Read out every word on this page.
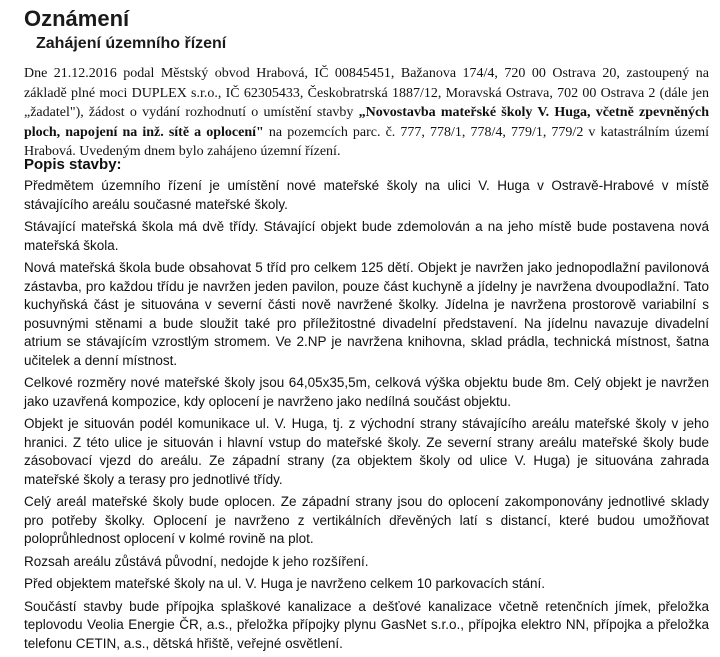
Oznámení
Zahájení územního řízení

Dne 21.12.2016 podal Městský obvod Hrabová, IČ 00845451, Bažanova 174/4, 720 00 Ostrava 20, zastoupený na základě plné moci DUPLEX s.r.o., IČ 62305433, Českobratrská 1887/12, Moravská Ostrava, 702 00 Ostrava 2 (dále jen „žadatel"), žádost o vydání rozhodnutí o umístění stavby „Novostavba mateřské školy V. Huga, včetně zpevněných ploch, napojení na inž. sítě a oplocení" na pozemcích parc. č. 777, 778/1, 778/4, 779/1, 779/2 v katastrálním území Hrabová. Uvedeným dnem bylo zahájeno územní řízení.

Popis stavby:

Předmětem územního řízení je umístění nové mateřské školy na ulici V. Huga v Ostravě-Hrabové v místě stávajícího areálu současné mateřské školy.

Stávající mateřská škola má dvě třídy. Stávající objekt bude zdemolován a na jeho místě bude postavena nová mateřská škola.

Nová mateřská škola bude obsahovat 5 tříd pro celkem 125 dětí. Objekt je navržen jako jednopodlažní pavilonová zástavba, pro každou třídu je navržen jeden pavilon, pouze část kuchyně a jídelny je navržena dvoupodlažní. Tato kuchyňská část je situována v severní části nově navržené školky. Jídelna je navržena prostorově variabilní s posuvnými stěnami a bude sloužit také pro příležitostné divadelní představení. Na jídelnu navazuje divadelní atrium se stávajícím vzrostlým stromem. Ve 2.NP je navržena knihovna, sklad prádla, technická místnost, šatna učitelek a denní místnost.

Celkové rozměry nové mateřské školy jsou 64,05x35,5m, celková výška objektu bude 8m. Celý objekt je navržen jako uzavřená kompozice, kdy oplocení je navrženo jako nedílná součást objektu.

Objekt je situován podél komunikace ul. V. Huga, tj. z východní strany stávajícího areálu mateřské školy v jeho hranici. Z této ulice je situován i hlavní vstup do mateřské školy. Ze severní strany areálu mateřské školy bude zásobovací vjezd do areálu. Ze západní strany (za objektem školy od ulice V. Huga) je situována zahrada mateřské školy a terasy pro jednotlivé třídy.

Celý areál mateřské školy bude oplocen. Ze západní strany jsou do oplocení zakomponovány jednotlivé sklady pro potřeby školky. Oplocení je navrženo z vertikálních dřevěných latí s distancí, které budou umožňovat poloprůhlednost oplocení v kolmé rovině na plot.

Rozsah areálu zůstává původní, nedojde k jeho rozšíření.

Před objektem mateřské školy na ul. V. Huga je navrženo celkem 10 parkovacích stání.

Součástí stavby bude přípojka splaškové kanalizace a dešťové kanalizace včetně retenčních jímek, přeložka teplovodu Veolia Energie ČR, a.s., přeložka přípojky plynu GasNet s.r.o., přípojka elektro NN, přípojka a přeložka telefonu CETIN, a.s., dětská hřiště, veřejné osvětlení.
